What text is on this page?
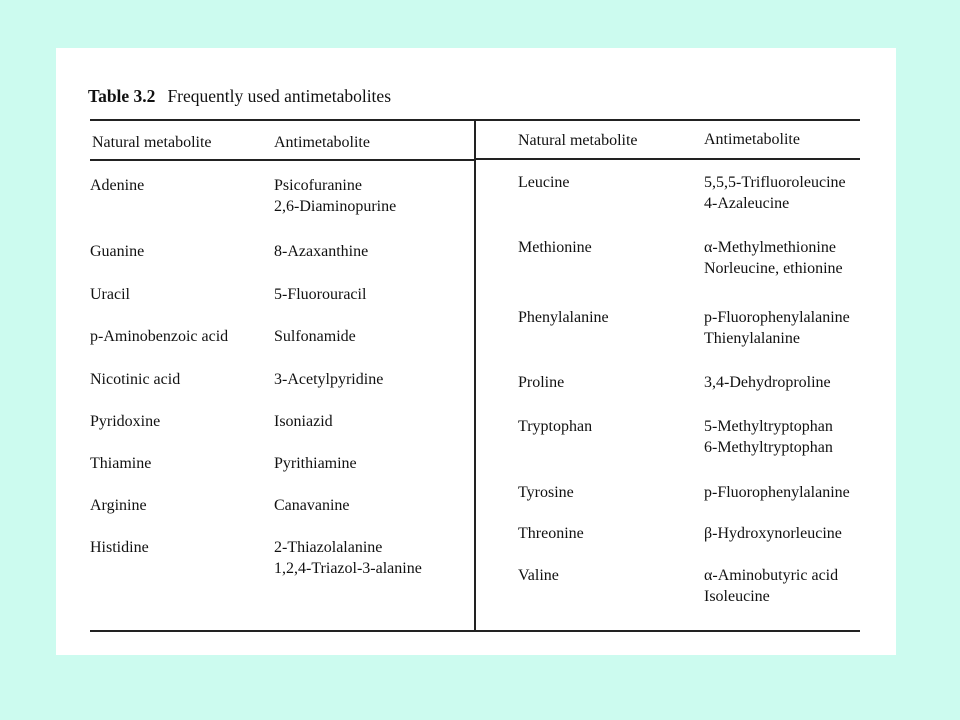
Table 3.2 Frequently used antimetabolites
Natural metabolite	Antimetabolite	Natural metabolite	Antimetabolite
Adenine	Psicofuranine
2,6-Diaminopurine
Guanine	8-Azaxanthine
Uracil	5-Fluorouracil
p-Aminobenzoic acid	Sulfonamide
Nicotinic acid	3-Acetylpyridine
Pyridoxine	Isoniazid
Thiamine	Pyrithiamine
Arginine	Canavanine
Histidine	2-Thiazolalanine
1,2,4-Triazol-3-alanine
Leucine	5,5,5-Trifluoroleucine
4-Azaleucine
Methionine	α-Methylmethionine
Norleucine, ethionine
Phenylalanine	p-Fluorophenylalanine
Thienylalanine
Proline	3,4-Dehydroproline
Tryptophan	5-Methyltryptophan
6-Methyltryptophan
Tyrosine	p-Fluorophenylalanine
Threonine	β-Hydroxynorleucine
Valine	α-Aminobutyric acid
Isoleucine
